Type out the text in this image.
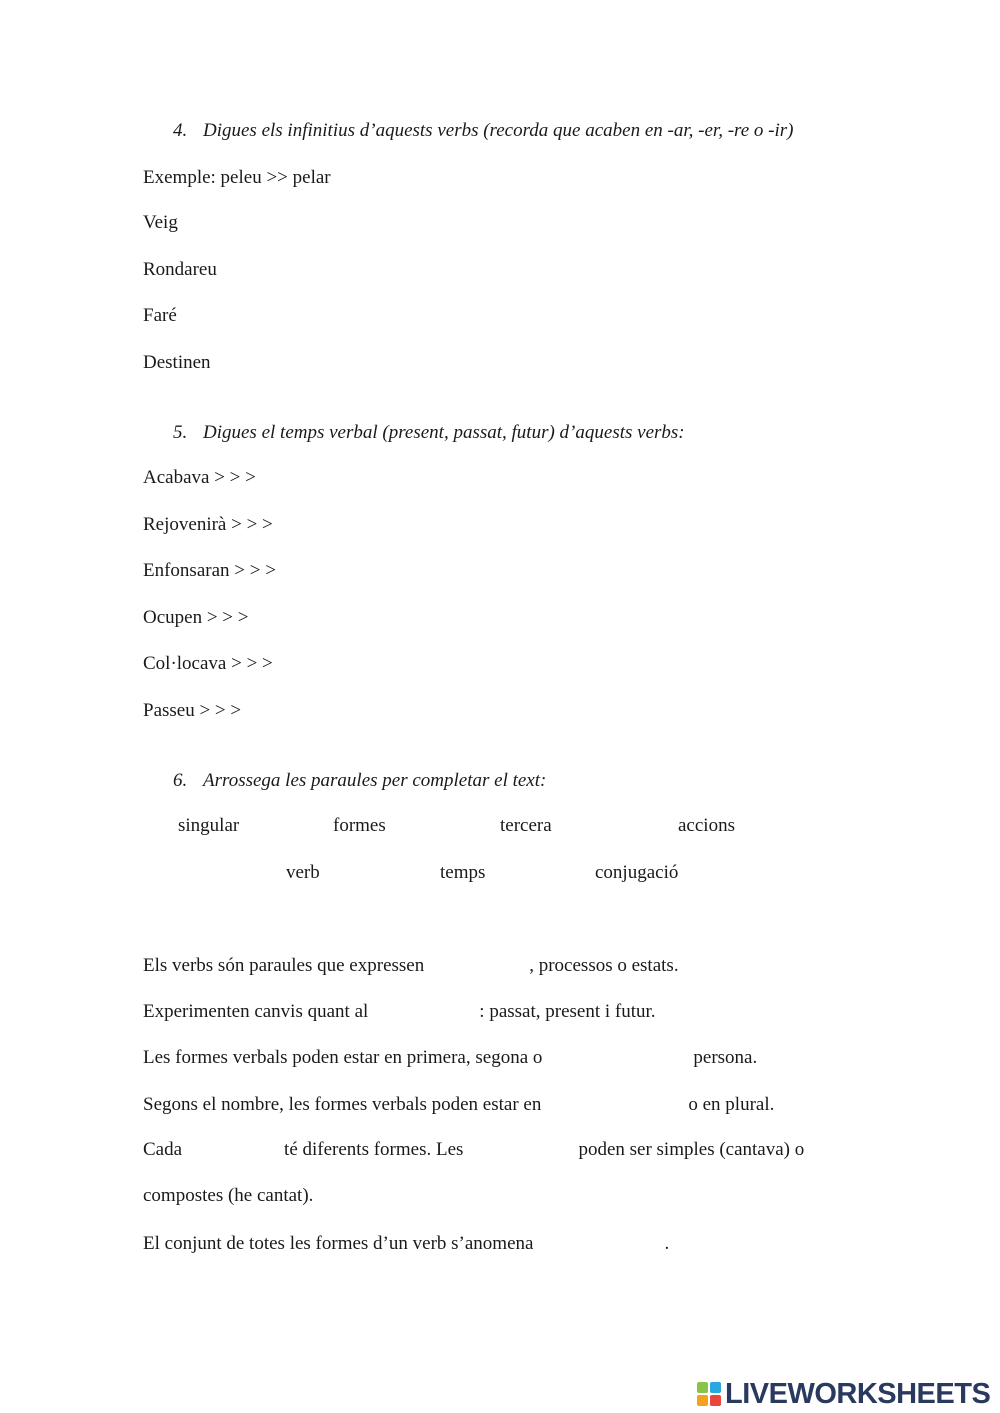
4. Digues els infinitius d’aquests verbs (recorda que acaben en -ar, -er, -re o -ir)
Exemple: peleu >> pelar
Veig
Rondareu
Faré
Destinen
5. Digues el temps verbal (present, passat, futur) d’aquests verbs:
Acabava > > >
Rejovenirà > > >
Enfonsaran > > >
Ocupen > > >
Col·locava > > >
Passeu > > >
6. Arrossega les paraules per completar el text:
singular	formes	tercera	accions
verb	temps	conjugació
Els verbs són paraules que expressen	, processos o estats.
Experimenten canvis quant al	: passat, present i futur.
Les formes verbals poden estar en primera, segona o	persona.
Segons el nombre, les formes verbals poden estar en	o en plural.
Cada	té diferents formes. Les	poden ser simples (cantava) o
compostes (he cantat).
El conjunt de totes les formes d’un verb s’anomena	.
LIVEWORKSHEETS
